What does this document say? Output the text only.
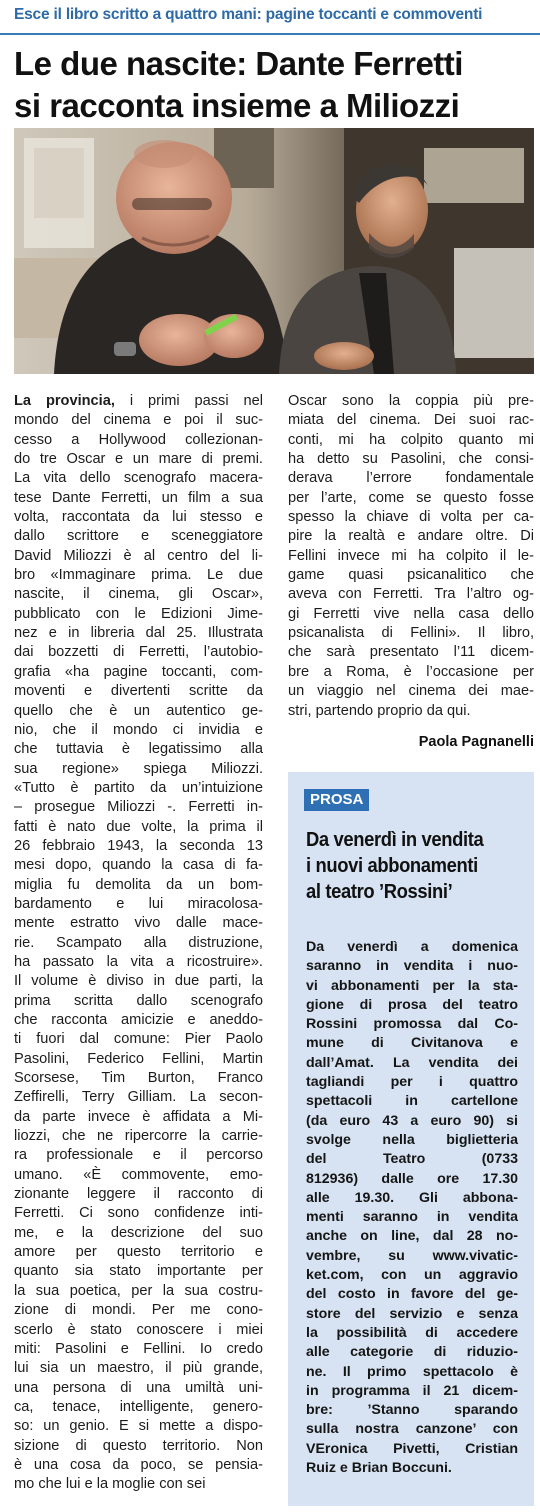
Esce il libro scritto a quattro mani: pagine toccanti e commoventi
Le due nascite: Dante Ferretti
si racconta insieme a Miliozzi

La provincia, i primi passi nel

mondo del cinema e poi il suc-

cesso a Hollywood collezionan-

do tre Oscar e un mare di premi.

La vita dello scenografo macera-

tese Dante Ferretti, un film a sua

volta, raccontata da lui stesso e

dallo scrittore e sceneggiatore

David Miliozzi è al centro del li-

bro «Immaginare prima. Le due

nascite, il cinema, gli Oscar»,

pubblicato con le Edizioni Jime-

nez e in libreria dal 25. Illustrata

dai bozzetti di Ferretti, l’autobio-

grafia «ha pagine toccanti, com-

moventi e divertenti scritte da

quello che è un autentico ge-

nio, che il mondo ci invidia e

che tuttavia è legatissimo alla

sua regione» spiega Miliozzi.

«Tutto è partito da un’intuizione

– prosegue Miliozzi -. Ferretti in-

fatti è nato due volte, la prima il

26 febbraio 1943, la seconda 13

mesi dopo, quando la casa di fa-

miglia fu demolita da un bom-

bardamento e lui miracolosa-

mente estratto vivo dalle mace-

rie. Scampato alla distruzione,

ha passato la vita a ricostruire».

Il volume è diviso in due parti, la

prima scritta dallo scenografo

che racconta amicizie e aneddo-

ti fuori dal comune: Pier Paolo

Pasolini, Federico Fellini, Martin

Scorsese, Tim Burton, Franco

Zeffirelli, Terry Gilliam. La secon-

da parte invece è affidata a Mi-

liozzi, che ne ripercorre la carrie-

ra professionale e il percorso

umano. «È commovente, emo-

zionante leggere il racconto di

Ferretti. Ci sono confidenze inti-

me, e la descrizione del suo

amore per questo territorio e

quanto sia stato importante per

la sua poetica, per la sua costru-

zione di mondi. Per me cono-

scerlo è stato conoscere i miei

miti: Pasolini e Fellini. Io credo

lui sia un maestro, il più grande,

una persona di una umiltà uni-

ca, tenace, intelligente, genero-

so: un genio. E si mette a dispo-

sizione di questo territorio. Non

è una cosa da poco, se pensia-

mo che lui e la moglie con sei

Oscar sono la coppia più pre-

miata del cinema. Dei suoi rac-

conti, mi ha colpito quanto mi

ha detto su Pasolini, che consi-

derava l’errore fondamentale

per l’arte, come se questo fosse

spesso la chiave di volta per ca-

pire la realtà e andare oltre. Di

Fellini invece mi ha colpito il le-

game quasi psicanalitico che

aveva con Ferretti. Tra l’altro og-

gi Ferretti vive nella casa dello

psicanalista di Fellini». Il libro,

che sarà presentato l’11 dicem-

bre a Roma, è l’occasione per

un viaggio nel cinema dei mae-

stri, partendo proprio da qui.

Paola Pagnanelli
PROSA
Da venerdì in vendita
i nuovi abbonamenti
al teatro ’Rossini’

Da venerdì a domenica

saranno in vendita i nuo-

vi abbonamenti per la sta-

gione di prosa del teatro

Rossini promossa dal Co-

mune di Civitanova e

dall’Amat. La vendita dei

tagliandi per i quattro

spettacoli in cartellone

(da euro 43 a euro 90) si

svolge nella biglietteria

del Teatro (0733

812936) dalle ore 17.30

alle 19.30. Gli abbona-

menti saranno in vendita

anche on line, dal 28 no-

vembre, su www.vivatic-

ket.com, con un aggravio

del costo in favore del ge-

store del servizio e senza

la possibilità di accedere

alle categorie di riduzio-

ne. Il primo spettacolo è

in programma il 21 dicem-

bre: ’Stanno sparando

sulla nostra canzone’ con

VEronica Pivetti, Cristian

Ruiz e Brian Boccuni.
